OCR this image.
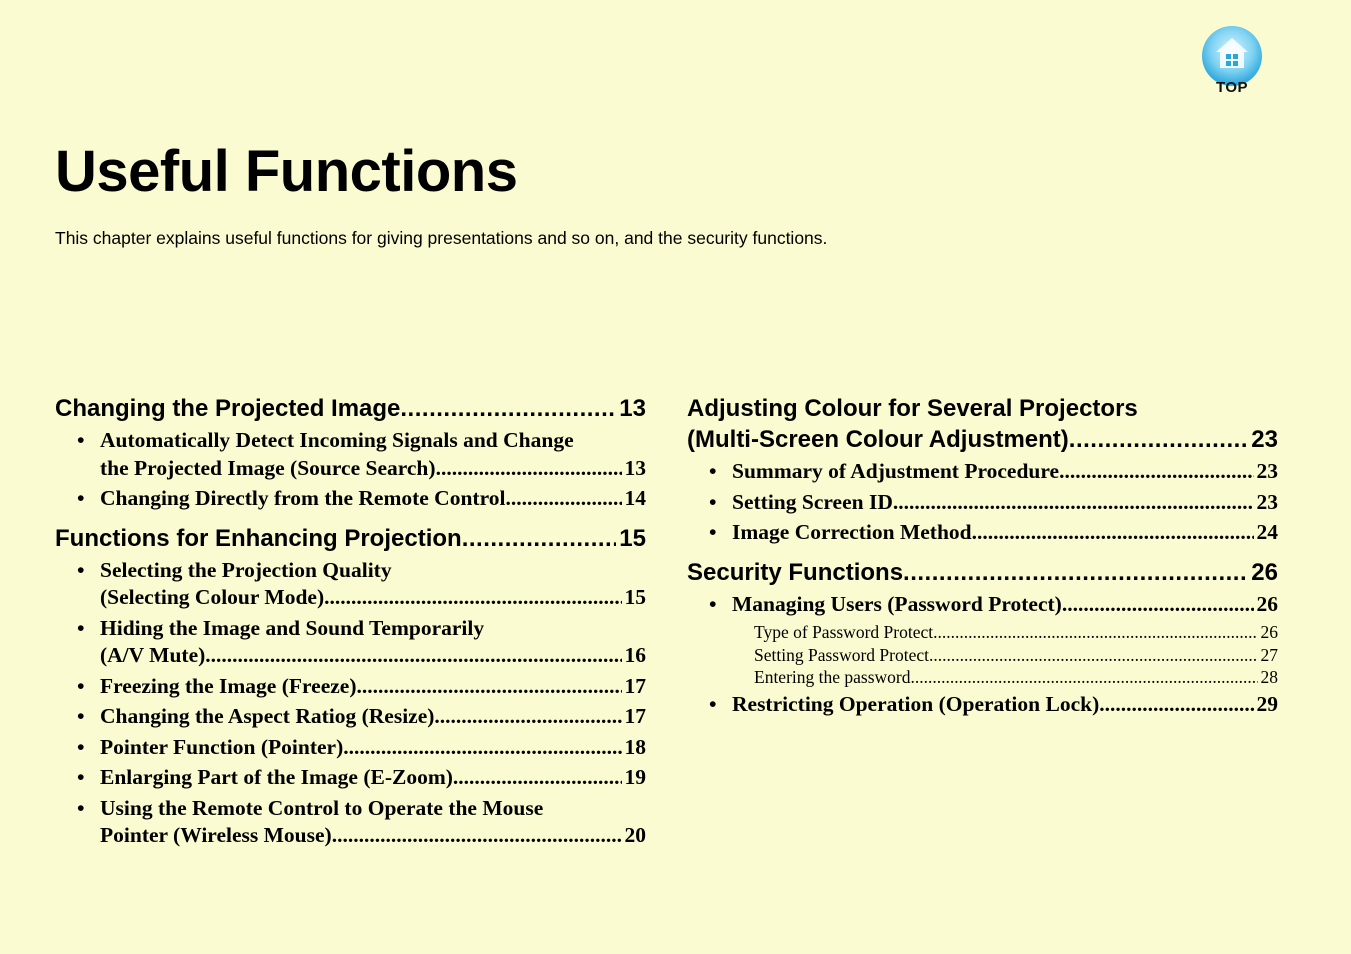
TOP
Useful Functions

This chapter explains useful functions for giving presentations and so on, and the security functions.

Changing the Projected Image .....	13
• Automatically Detect Incoming Signals and Change
the Projected Image (Source Search) .....	13
• Changing Directly from the Remote Control .....	14
Functions for Enhancing Projection .....	15
• Selecting the Projection Quality
(Selecting Colour Mode) .....	15
• Hiding the Image and Sound Temporarily
(A/V Mute) .....	16
• Freezing the Image (Freeze) .....	17
• Changing the Aspect Ratiog (Resize) .....	17
• Pointer Function (Pointer) .....	18
• Enlarging Part of the Image (E-Zoom) .....	19
• Using the Remote Control to Operate the Mouse
Pointer (Wireless Mouse) .....	20
Adjusting Colour for Several Projectors
(Multi-Screen Colour Adjustment) .....	23
• Summary of Adjustment Procedure .....	23
• Setting Screen ID .....	23
• Image Correction Method .....	24
Security Functions .....	26
• Managing Users (Password Protect) .....	26
Type of Password Protect .....	26
Setting Password Protect .....	27
Entering the password .....	28
• Restricting Operation (Operation Lock) .....	29
